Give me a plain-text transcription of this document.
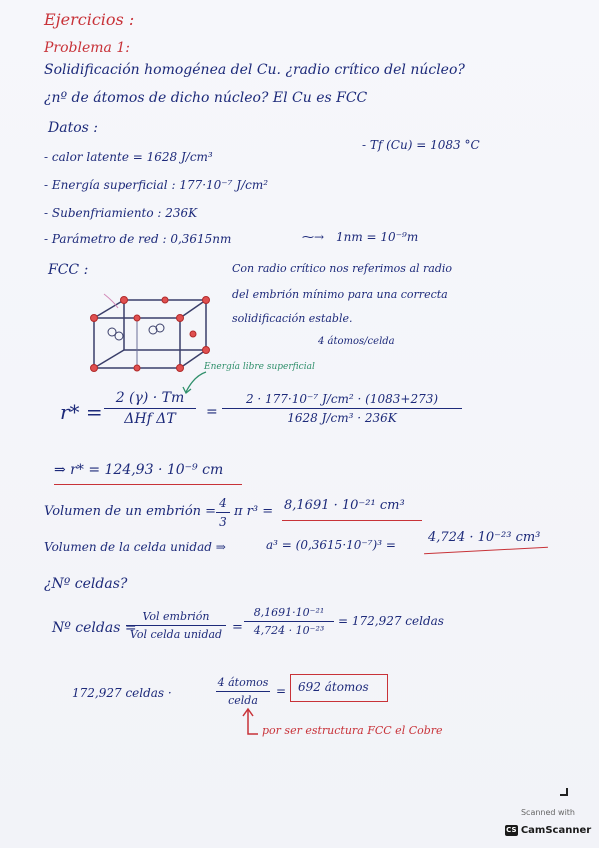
Ejercicios :
Problema 1:
Solidificación homogénea del Cu. ¿radio crítico del núcleo?
¿nº de átomos de dicho núcleo? El Cu es FCC
Datos :
- calor latente = 1628 J/cm³
- Tf (Cu) = 1083 °C
- Energía superficial : 177·10⁻⁷ J/cm²
- Subenfriamiento : 236K
- Parámetro de red : 0,3615nm	⁓→ 1nm = 10⁻⁹m
FCC :	Con radio crítico nos referimos al radio
del embrión mínimo para una correcta
solidificación estable.
4 átomos/celda
Energía libre superficial
r* =
2 (γ) · Tm
ΔHf ΔT	=
2 · 177·10⁻⁷ J/cm² · (1083+273)
1628 J/cm³ · 236K
⇒ r* = 124,93 · 10⁻⁹ cm
Volumen de un embrión =
4
3
π r³ = 8,1691 · 10⁻²¹ cm³
Volumen de la celda unidad ⇒	a³ = (0,3615·10⁻⁷)³ = 4,724 · 10⁻²³ cm³
¿Nº celdas?
Nº celdas =
Vol embrión
Vol celda unidad =
8,1691·10⁻²¹
4,724 · 10⁻²³
= 172,927 celdas
172,927 celdas ·
4 átomos
celda
= 692 átomos
por ser estructura FCC el Cobre
Scanned with
CS CamScanner
